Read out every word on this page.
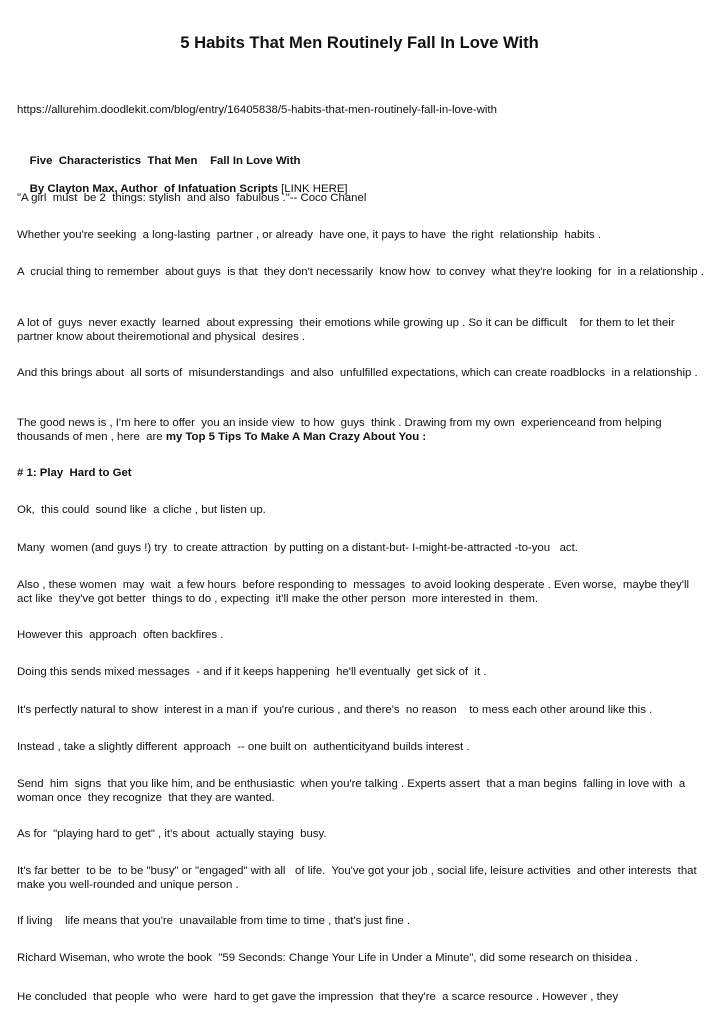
5 Habits That Men Routinely Fall In Love With
https://allurehim.doodlekit.com/blog/entry/16405838/5-habits-that-men-routinely-fall-in-love-with

Five  Characteristics  That Men    Fall In Love With

By Clayton Max, Author  of Infatuation Scripts [LINK HERE]

"A girl  must  be 2  things: stylish  and also  fabulous ."-- Coco Chanel

Whether you're seeking  a long-lasting  partner , or already  have one, it pays to have  the right  relationship  habits .

A  crucial thing to remember  about guys  is that  they don't necessarily  know how  to convey  what they're looking  for  in a relationship .

A lot of  guys  never exactly  learned  about expressing  their emotions while growing up . So it can be difficult    for them to let their partner know about theiremotional and physical  desires .

And this brings about  all sorts of  misunderstandings  and also  unfulfilled expectations, which can create roadblocks  in a relationship .

The good news is , I'm here to offer  you an inside view  to how  guys  think . Drawing from my own  experienceand from helping  thousands of men , here  are my Top 5 Tips To Make A Man Crazy About You :

# 1: Play  Hard to Get

Ok,  this could  sound like  a cliche , but listen up.

Many  women (and guys !) try  to create attraction  by putting on a distant-but- I-might-be-attracted -to-you   act.

Also , these women  may  wait  a few hours  before responding to  messages  to avoid looking desperate . Even worse,  maybe they'll  act like  they've got better  things to do , expecting  it'll make the other person  more interested in  them.

However this  approach  often backfires .

Doing this sends mixed messages  - and if it keeps happening  he'll eventually  get sick of  it .

It's perfectly natural to show  interest in a man if  you're curious , and there's  no reason    to mess each other around like this .

Instead , take a slightly different  approach  -- one built on  authenticityand builds interest .

Send  him  signs  that you like him, and be enthusiastic  when you're talking . Experts assert  that a man begins  falling in love with  a woman once  they recognize  that they are wanted.

As for  "playing hard to get" , it's about  actually staying  busy.

It's far better  to be  to be "busy" or "engaged" with all   of life.  You've got your job , social life, leisure activities  and other interests  that make you well-rounded and unique person .

If living    life means that you're  unavailable from time to time , that's just fine .

Richard Wiseman, who wrote the book  "59 Seconds: Change Your Life in Under a Minute", did some research on thisidea .

He concluded  that people  who  were  hard to get gave the impression  that they're  a scarce resource . However , they
